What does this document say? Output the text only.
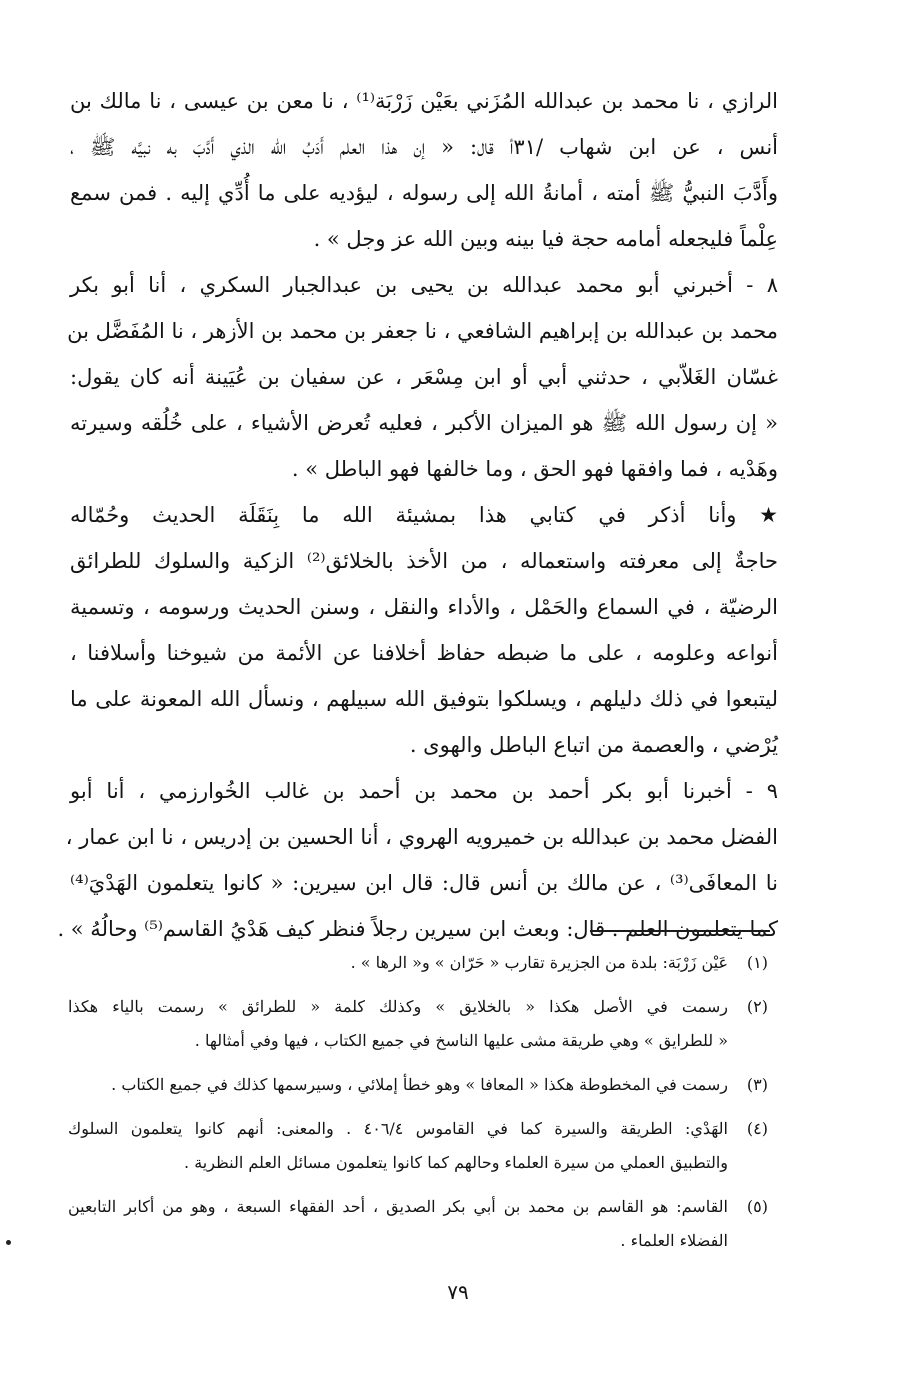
الرازي ، نا محمد بن عبدالله المُزَني بعَيْن زَرْبَة⁽¹⁾ ، نا معن بن عيسى ، نا مالك بن
أنس ، عن ابن شهاب /٣١أ قال: « إن هذا العلم أَدَبُ الله الذي أَدَّبَ به نبيَّه ﷺ ،
وأَدَّبَ النبيُّ ﷺ أمته ، أمانةُ الله إلى رسوله ، ليؤديه على ما أُدِّي إليه . فمن سمع
عِلْماً فليجعله أمامه حجة فيا بينه وبين الله عز وجل » .
٨ - أخبرني أبو محمد عبدالله بن يحيى بن عبدالجبار السكري ، أنا أبو بكر
محمد بن عبدالله بن إبراهيم الشافعي ، نا جعفر بن محمد بن الأزهر ، نا المُفَضَّل بن
غسّان الغَلاّبي ، حدثني أبي أو ابن مِسْعَر ، عن سفيان بن عُيَينة أنه كان يقول:
« إن رسول الله ﷺ هو الميزان الأكبر ، فعليه تُعرض الأشياء ، على خُلُقه وسيرته
وهَدْيه ، فما وافقها فهو الحق ، وما خالفها فهو الباطل » .
★ وأنا أذكر في كتابي هذا بمشيئة الله ما بِنَقَلَة الحديث وحُمّاله
حاجةٌ إلى معرفته واستعماله ، من الأخذ بالخلائق⁽²⁾ الزكية والسلوك للطرائق
الرضيّة ، في السماع والحَمْل ، والأداء والنقل ، وسنن الحديث ورسومه ، وتسمية
أنواعه وعلومه ، على ما ضبطه حفاظ أخلافنا عن الأئمة من شيوخنا وأسلافنا ،
ليتبعوا في ذلك دليلهم ، ويسلكوا بتوفيق الله سبيلهم ، ونسأل الله المعونة على ما
يُرْضي ، والعصمة من اتباع الباطل والهوى .
٩ - أخبرنا أبو بكر أحمد بن محمد بن أحمد بن غالب الخُوارزمي ، أنا أبو
الفضل محمد بن عبدالله بن خميرويه الهروي ، أنا الحسين بن إدريس ، نا ابن عمار ،
نا المعافَى⁽³⁾ ، عن مالك بن أنس قال: قال ابن سيرين: « كانوا يتعلمون الهَدْيَ⁽⁴⁾
كما يتعلمون العلم . قال: وبعث ابن سيرين رجلاً فنظر كيف هَدْيُ القاسم⁽⁵⁾ وحالُهُ » .
(١)
عَيْن زَرْبَة: بلدة من الجزيرة تقارب « حَرّان » و« الرها » .
(٢)
رسمت في الأصل هكذا « بالخلايق » وكذلك كلمة « للطرائق » رسمت بالياء هكذا
« للطرايق » وهي طريقة مشى عليها الناسخ في جميع الكتاب ، فيها وفي أمثالها .
(٣)
رسمت في المخطوطة هكذا « المعافا » وهو خطأ إملائي ، وسيرسمها كذلك في جميع الكتاب .
(٤)
الهَدْي: الطريقة والسيرة كما في القاموس ٤٠٦/٤ . والمعنى: أنهم كانوا يتعلمون السلوك
والتطبيق العملي من سيرة العلماء وحالهم كما كانوا يتعلمون مسائل العلم النظرية .
(٥)
القاسم: هو القاسم بن محمد بن أبي بكر الصديق ، أحد الفقهاء السبعة ، وهو من أكابر التابعين
الفضلاء العلماء .
٧٩
